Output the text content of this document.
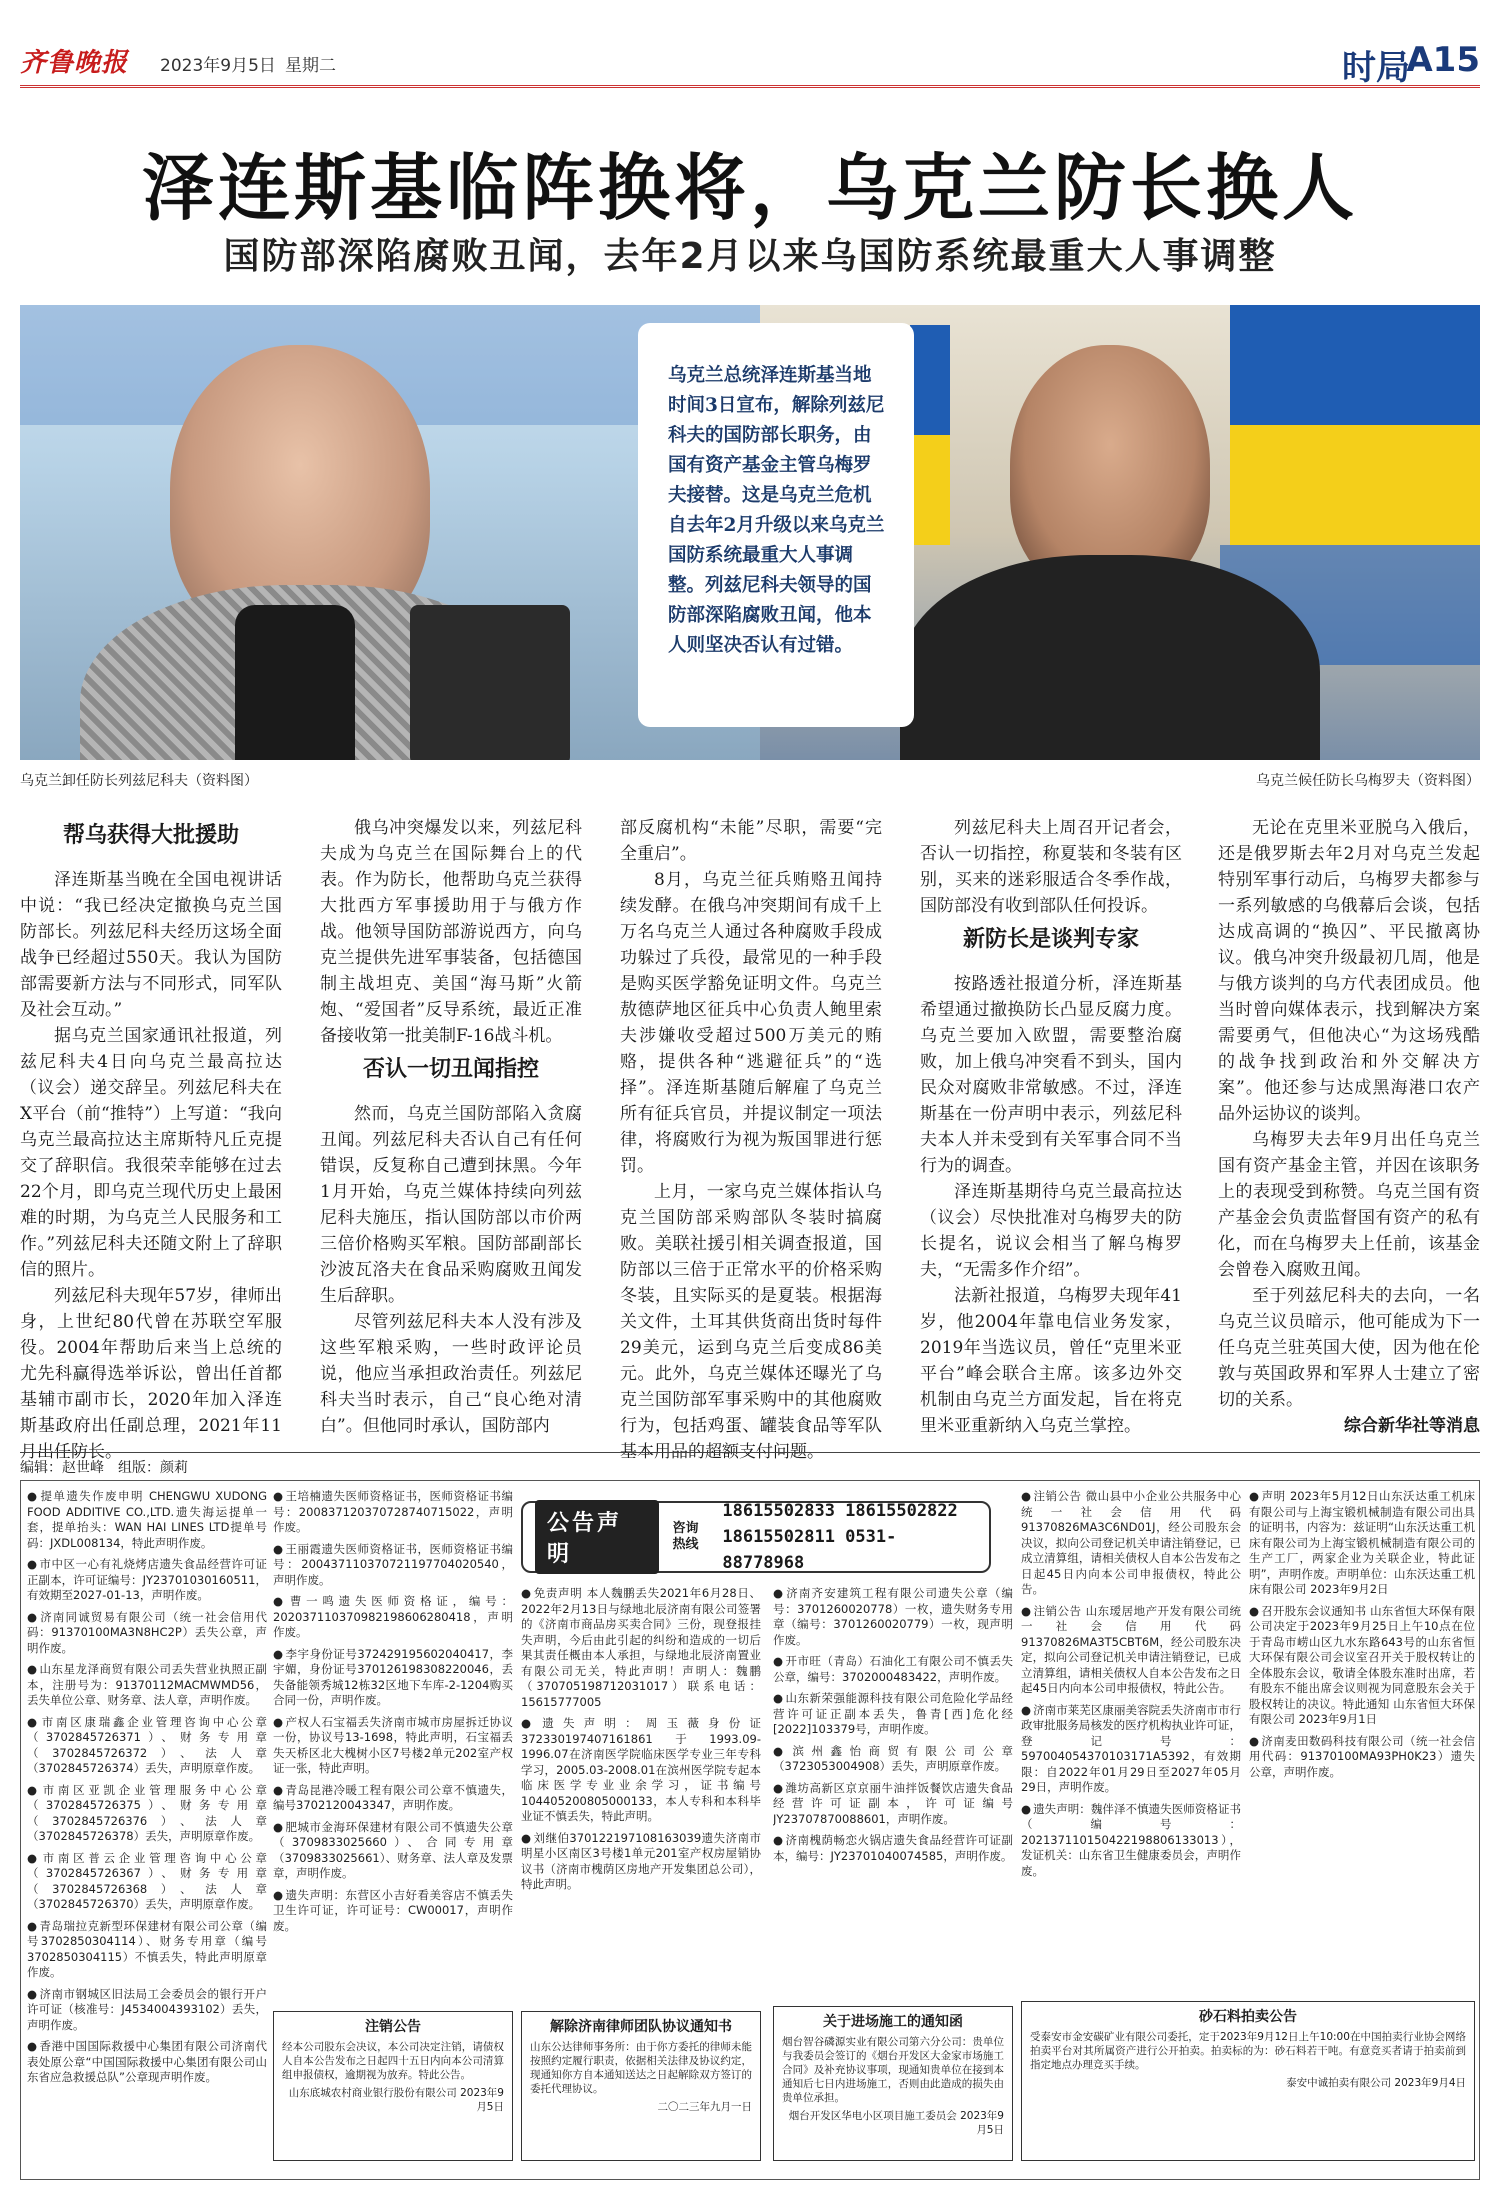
齐鲁晚报 2023年9月5日 星期二	时局
A15
泽连斯基临阵换将，乌克兰防长换人
国防部深陷腐败丑闻，去年2月以来乌国防系统最重大人事调整
乌克兰总统泽连斯基当地时间3日宣布，解除列兹尼科夫的国防部长职务，由国有资产基金主管乌梅罗夫接替。这是乌克兰危机自去年2月升级以来乌克兰国防系统最重大人事调整。列兹尼科夫领导的国防部深陷腐败丑闻，他本人则坚决否认有过错。
乌克兰卸任防长列兹尼科夫（资料图）	乌克兰候任防长乌梅罗夫（资料图）
帮乌获得大批援助

泽连斯基当晚在全国电视讲话中说：“我已经决定撤换乌克兰国防部长。列兹尼科夫经历这场全面战争已经超过550天。我认为国防部需要新方法与不同形式，同军队及社会互动。”

据乌克兰国家通讯社报道，列兹尼科夫4日向乌克兰最高拉达（议会）递交辞呈。列兹尼科夫在X平台（前“推特”）上写道：“我向乌克兰最高拉达主席斯特凡丘克提交了辞职信。我很荣幸能够在过去22个月，即乌克兰现代历史上最困难的时期，为乌克兰人民服务和工作。”列兹尼科夫还随文附上了辞职信的照片。

列兹尼科夫现年57岁，律师出身，上世纪80代曾在苏联空军服役。2004年帮助后来当上总统的尤先科赢得选举诉讼，曾出任首都基辅市副市长，2020年加入泽连斯基政府出任副总理，2021年11月出任防长。

俄乌冲突爆发以来，列兹尼科夫成为乌克兰在国际舞台上的代表。作为防长，他帮助乌克兰获得大批西方军事援助用于与俄方作战。他领导国防部游说西方，向乌克兰提供先进军事装备，包括德国制主战坦克、美国“海马斯”火箭炮、“爱国者”反导系统，最近正准备接收第一批美制F-16战斗机。

否认一切丑闻指控

然而，乌克兰国防部陷入贪腐丑闻。列兹尼科夫否认自己有任何错误，反复称自己遭到抹黑。今年1月开始，乌克兰媒体持续向列兹尼科夫施压，指认国防部以市价两三倍价格购买军粮。国防部副部长沙波瓦洛夫在食品采购腐败丑闻发生后辞职。

尽管列兹尼科夫本人没有涉及这些军粮采购，一些时政评论员说，他应当承担政治责任。列兹尼科夫当时表示，自己“良心绝对清白”。但他同时承认，国防部内

部反腐机构“未能”尽职，需要“完全重启”。

8月，乌克兰征兵贿赂丑闻持续发酵。在俄乌冲突期间有成千上万名乌克兰人通过各种腐败手段成功躲过了兵役，最常见的一种手段是购买医学豁免证明文件。乌克兰敖德萨地区征兵中心负责人鲍里索夫涉嫌收受超过500万美元的贿赂，提供各种“逃避征兵”的“选择”。泽连斯基随后解雇了乌克兰所有征兵官员，并提议制定一项法律，将腐败行为视为叛国罪进行惩罚。

上月，一家乌克兰媒体指认乌克兰国防部采购部队冬装时搞腐败。美联社援引相关调查报道，国防部以三倍于正常水平的价格采购冬装，且实际买的是夏装。根据海关文件，土耳其供货商出货时每件29美元，运到乌克兰后变成86美元。此外，乌克兰媒体还曝光了乌克兰国防部军事采购中的其他腐败行为，包括鸡蛋、罐装食品等军队基本用品的超额支付问题。

列兹尼科夫上周召开记者会，否认一切指控，称夏装和冬装有区别，买来的迷彩服适合冬季作战，国防部没有收到部队任何投诉。

新防长是谈判专家

按路透社报道分析，泽连斯基希望通过撤换防长凸显反腐力度。乌克兰要加入欧盟，需要整治腐败，加上俄乌冲突看不到头，国内民众对腐败非常敏感。不过，泽连斯基在一份声明中表示，列兹尼科夫本人并未受到有关军事合同不当行为的调查。

泽连斯基期待乌克兰最高拉达（议会）尽快批准对乌梅罗夫的防长提名，说议会相当了解乌梅罗夫，“无需多作介绍”。

法新社报道，乌梅罗夫现年41岁，他2004年靠电信业务发家，2019年当选议员，曾任“克里米亚平台”峰会联合主席。该多边外交机制由乌克兰方面发起，旨在将克里米亚重新纳入乌克兰掌控。

无论在克里米亚脱乌入俄后，还是俄罗斯去年2月对乌克兰发起特别军事行动后，乌梅罗夫都参与一系列敏感的乌俄幕后会谈，包括达成高调的“换囚”、平民撤离协议。俄乌冲突升级最初几周，他是与俄方谈判的乌方代表团成员。他当时曾向媒体表示，找到解决方案需要勇气，但他决心“为这场残酷的战争找到政治和外交解决方案”。他还参与达成黑海港口农产品外运协议的谈判。

乌梅罗夫去年9月出任乌克兰国有资产基金主管，并因在该职务上的表现受到称赞。乌克兰国有资产基金会负责监督国有资产的私有化，而在乌梅罗夫上任前，该基金会曾卷入腐败丑闻。

至于列兹尼科夫的去向，一名乌克兰议员暗示，他可能成为下一任乌克兰驻英国大使，因为他在伦敦与英国政界和军界人士建立了密切的关系。

综合新华社等消息
编辑：赵世峰　组版：颜莉
● 提单遗失作废申明 CHENGWU XUDONG FOOD ADDITIVE CO.,LTD.遗失海运提单一套，提单抬头：WAN HAI LINES LTD提单号码：JXDL008134，特此声明作废。
● 市中区一心有礼烧烤店遗失食品经营许可证正副本，许可证编号：JY23701030160511，有效期至2027-01-13，声明作废。
● 济南同诚贸易有限公司（统一社会信用代码：91370100MA3N8HC2P）丢失公章，声明作废。
● 山东星龙泽商贸有限公司丢失营业执照正副本，注册号为：91370112MACMWMD56，丢失单位公章、财务章、法人章，声明作废。
● 市南区康瑞鑫企业管理咨询中心公章（3702845726371）、财务专用章（3702845726372）、法人章（3702845726374）丢失，声明原章作废。
● 市南区亚凯企业管理服务中心公章（3702845726375）、财务专用章（3702845726376）、法人章（3702845726378）丢失，声明原章作废。
● 市南区普云企业管理咨询中心公章（3702845726367）、财务专用章（3702845726368）、法人章（3702845726370）丢失，声明原章作废。
● 青岛瑞拉克新型环保建材有限公司公章（编号3702850304114）、财务专用章（编号3702850304115）不慎丢失，特此声明原章作废。
● 济南市钢城区旧法局工会委员会的银行开户许可证（核准号：J4534004393102）丢失，声明作废。
● 香港中国国际救援中心集团有限公司济南代表处原公章“中国国际救援中心集团有限公司山东省应急救援总队”公章现声明作废。
● 王培楠遗失医师资格证书，医师资格证书编号：200837120370728740715022，声明作废。
● 王丽霞遗失医师资格证书，医师资格证书编号：200437110370721197704020540，声明作废。
● 曹一鸣遗失医师资格证，编号：202037110370982198606280418，声明作废。
● 李宇身份证号372429195602040417，李宇媚，身份证号370126198308220046，丢失备能领秀城12栋32区地下车库-2-1204购买合同一份，声明作废。
● 产权人石宝福丢失济南市城市房屋拆迁协议一份，协议号13-1698，特此声明，石宝福丢失天桥区北大槐树小区7号楼2单元202室产权证一张，特此声明。
● 青岛昆港冷暖工程有限公司公章不慎遗失，编号3702120043347，声明作废。
● 肥城市金海环保建材有限公司不慎遗失公章（3709833025660）、合同专用章（3709833025661）、财务章、法人章及发票章，声明作废。
● 遗失声明：东营区小吉好看美容店不慎丢失卫生许可证，许可证号：CW00017，声明作废。
公告声明
咨询热线
18615502833 18615502822
18615502811 0531-88778968
● 免责声明 本人魏鹏丢失2021年6月28日、2022年2月13日与绿地北辰济南有限公司签署的《济南市商品房买卖合同》三份，现登报挂失声明，今后由此引起的纠纷和造成的一切后果其责任概由本人承担，与绿地北辰济南置业有限公司无关，特此声明！声明人：魏鹏（370705198712031017）联系电话：15615777005
● 遗失声明：周玉薇身份证372330197407161861于1993.09-1996.07在济南医学院临床医学专业三年专科学习，2005.03-2008.01在滨州医学院专起本临床医学专业业余学习，证书编号104405200805000133，本人专科和本科毕业证不慎丢失，特此声明。
● 刘继伯370122197108163039遗失济南市明星小区南区3号楼1单元201室产权房屋销协议书（济南市槐荫区房地产开发集团总公司），特此声明。
● 济南齐安建筑工程有限公司遗失公章（编号：3701260020778）一枚，遗失财务专用章（编号：3701260020779）一枚，现声明作废。
● 开市旺（青岛）石油化工有限公司不慎丢失公章，编号：3702000483422，声明作废。
● 山东新荣强能源科技有限公司危险化学品经营许可证正副本丢失，鲁青[西]危化经[2022]103379号，声明作废。
● 滨州鑫怡商贸有限公司公章（3723053004908）丢失，声明原章作废。
● 潍坊高新区京京丽牛油拌饭餐饮店遗失食品经营许可证副本，许可证编号JY23707870088601，声明作废。
● 济南槐荫畅恋火锅店遗失食品经营许可证副本，编号：JY23701040074585，声明作废。
● 注销公告 微山县中小企业公共服务中心统一社会信用代码91370826MA3C6ND01J，经公司股东会决议，拟向公司登记机关申请注销登记，已成立清算组，请相关债权人自本公告发布之日起45日内向本公司申报债权，特此公告。
● 注销公告 山东瑷居地产开发有限公司统一社会信用代码91370826MA3T5CBT6M，经公司股东决定，拟向公司登记机关申请注销登记，已成立清算组，请相关债权人自本公告发布之日起45日内向本公司申报债权，特此公告。
● 济南市莱芜区康丽美容院丢失济南市市行政审批服务局核发的医疗机构执业许可证，登记号：597004054370103171A5392，有效期限：自2022年01月29日至2027年05月29日，声明作废。
● 遗失声明：魏伴泽不慎遗失医师资格证书（编号：202137110150422198806133013），发证机关：山东省卫生健康委员会，声明作废。
● 声明 2023年5月12日山东沃达重工机床有限公司与上海宝锻机械制造有限公司出具的证明书，内容为：兹证明“山东沃达重工机床有限公司为上海宝锻机械制造有限公司的生产工厂，两家企业为关联企业，特此证明”，声明作废。声明单位：山东沃达重工机床有限公司 2023年9月2日
● 召开股东会议通知书 山东省恒大环保有限公司决定于2023年9月25日上午10点在位于青岛市崂山区九水东路643号的山东省恒大环保有限公司会议室召开关于股权转让的全体股东会议，敬请全体股东准时出席，若有股东不能出席会议则视为同意股东会关于股权转让的决议。特此通知 山东省恒大环保有限公司 2023年9月1日
● 济南麦田数码科技有限公司（统一社会信用代码：91370100MA93PH0K23）遗失公章，声明作废。
注销公告
经本公司股东会决议，本公司决定注销，请债权人自本公告发布之日起四十五日内向本公司清算组申报债权，逾期视为放弃。特此公告。
山东底城农村商业银行股份有限公司 2023年9月5日
解除济南律师团队协议通知书
山东公达律师事务所：由于你方委托的律师未能按照约定履行职责，依据相关法律及协议约定，现通知你方自本通知送达之日起解除双方签订的委托代理协议。
二〇二三年九月一日
关于进场施工的通知函
烟台智谷磷源实业有限公司第六分公司：贵单位与我委员会签订的《烟台开发区大金家市场施工合同》及补充协议事项，现通知贵单位在接到本通知后七日内进场施工，否则由此造成的损失由贵单位承担。
烟台开发区华电小区项目施工委员会 2023年9月5日
砂石料拍卖公告
受泰安市金安碳矿业有限公司委托，定于2023年9月12日上午10:00在中国拍卖行业协会网络拍卖平台对其所属资产进行公开拍卖。拍卖标的为：砂石料若干吨。有意竞买者请于拍卖前到指定地点办理竞买手续。
泰安中诚拍卖有限公司 2023年9月4日
